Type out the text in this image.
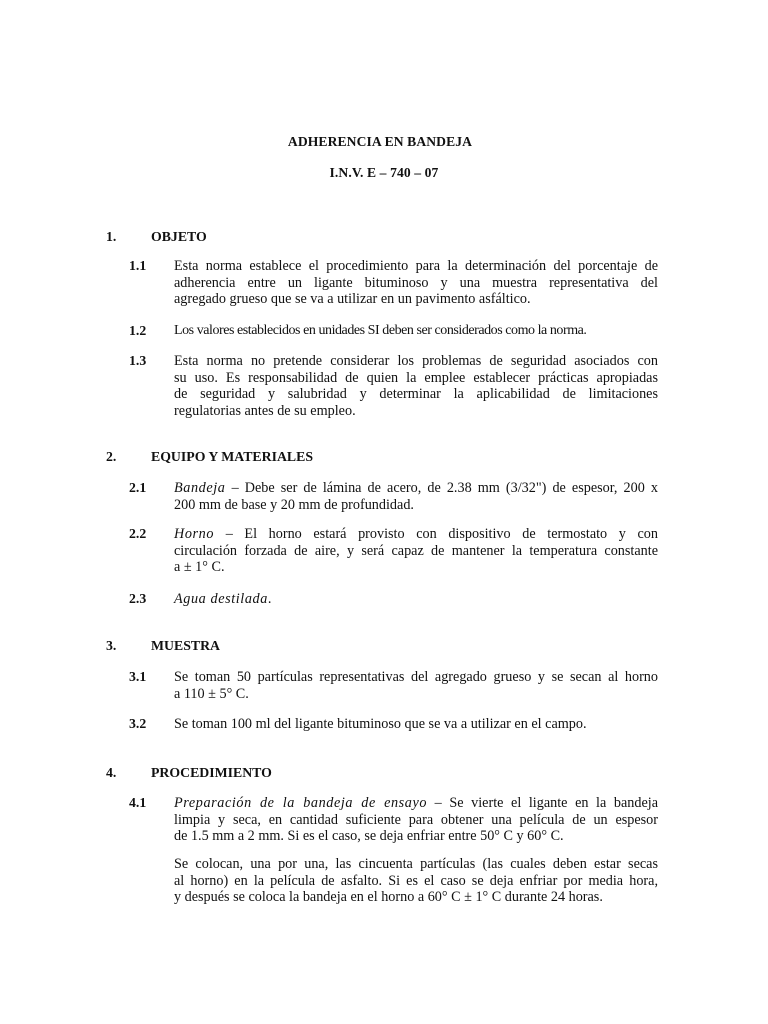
ADHERENCIA EN BANDEJA
I.N.V. E – 740 – 07
1.	OBJETO
1.1 Esta norma establece el procedimiento para la determinación del porcentaje de
adherencia entre un ligante bituminoso y una muestra representativa del
agregado grueso que se va a utilizar en un pavimento asfáltico.
1.2 Los valores establecidos en unidades SI deben ser considerados como la norma.
1.3 Esta norma no pretende considerar los problemas de seguridad asociados con
su uso. Es responsabilidad de quien la emplee establecer prácticas apropiadas
de seguridad y salubridad y determinar la aplicabilidad de limitaciones
regulatorias antes de su empleo.
2.	EQUIPO Y MATERIALES
2.1 Bandeja – Debe ser de lámina de acero, de 2.38 mm (3/32") de espesor, 200 x
200 mm de base y 20 mm de profundidad.
2.2 Horno – El horno estará provisto con dispositivo de termostato y con
circulación forzada de aire, y será capaz de mantener la temperatura constante
a ± 1° C.
2.3 Agua destilada.
3.	MUESTRA
3.1 Se toman 50 partículas representativas del agregado grueso y se secan al horno
a 110 ± 5° C.
3.2 Se toman 100 ml del ligante bituminoso que se va a utilizar en el campo.
4.	PROCEDIMIENTO
4.1 Preparación de la bandeja de ensayo – Se vierte el ligante en la bandeja
limpia y seca, en cantidad suficiente para obtener una película de un espesor
de 1.5 mm a 2 mm. Si es el caso, se deja enfriar entre 50° C y 60° C.
Se colocan, una por una, las cincuenta partículas (las cuales deben estar secas
al horno) en la película de asfalto. Si es el caso se deja enfriar por media hora,
y después se coloca la bandeja en el horno a 60° C ± 1° C durante 24 horas.
